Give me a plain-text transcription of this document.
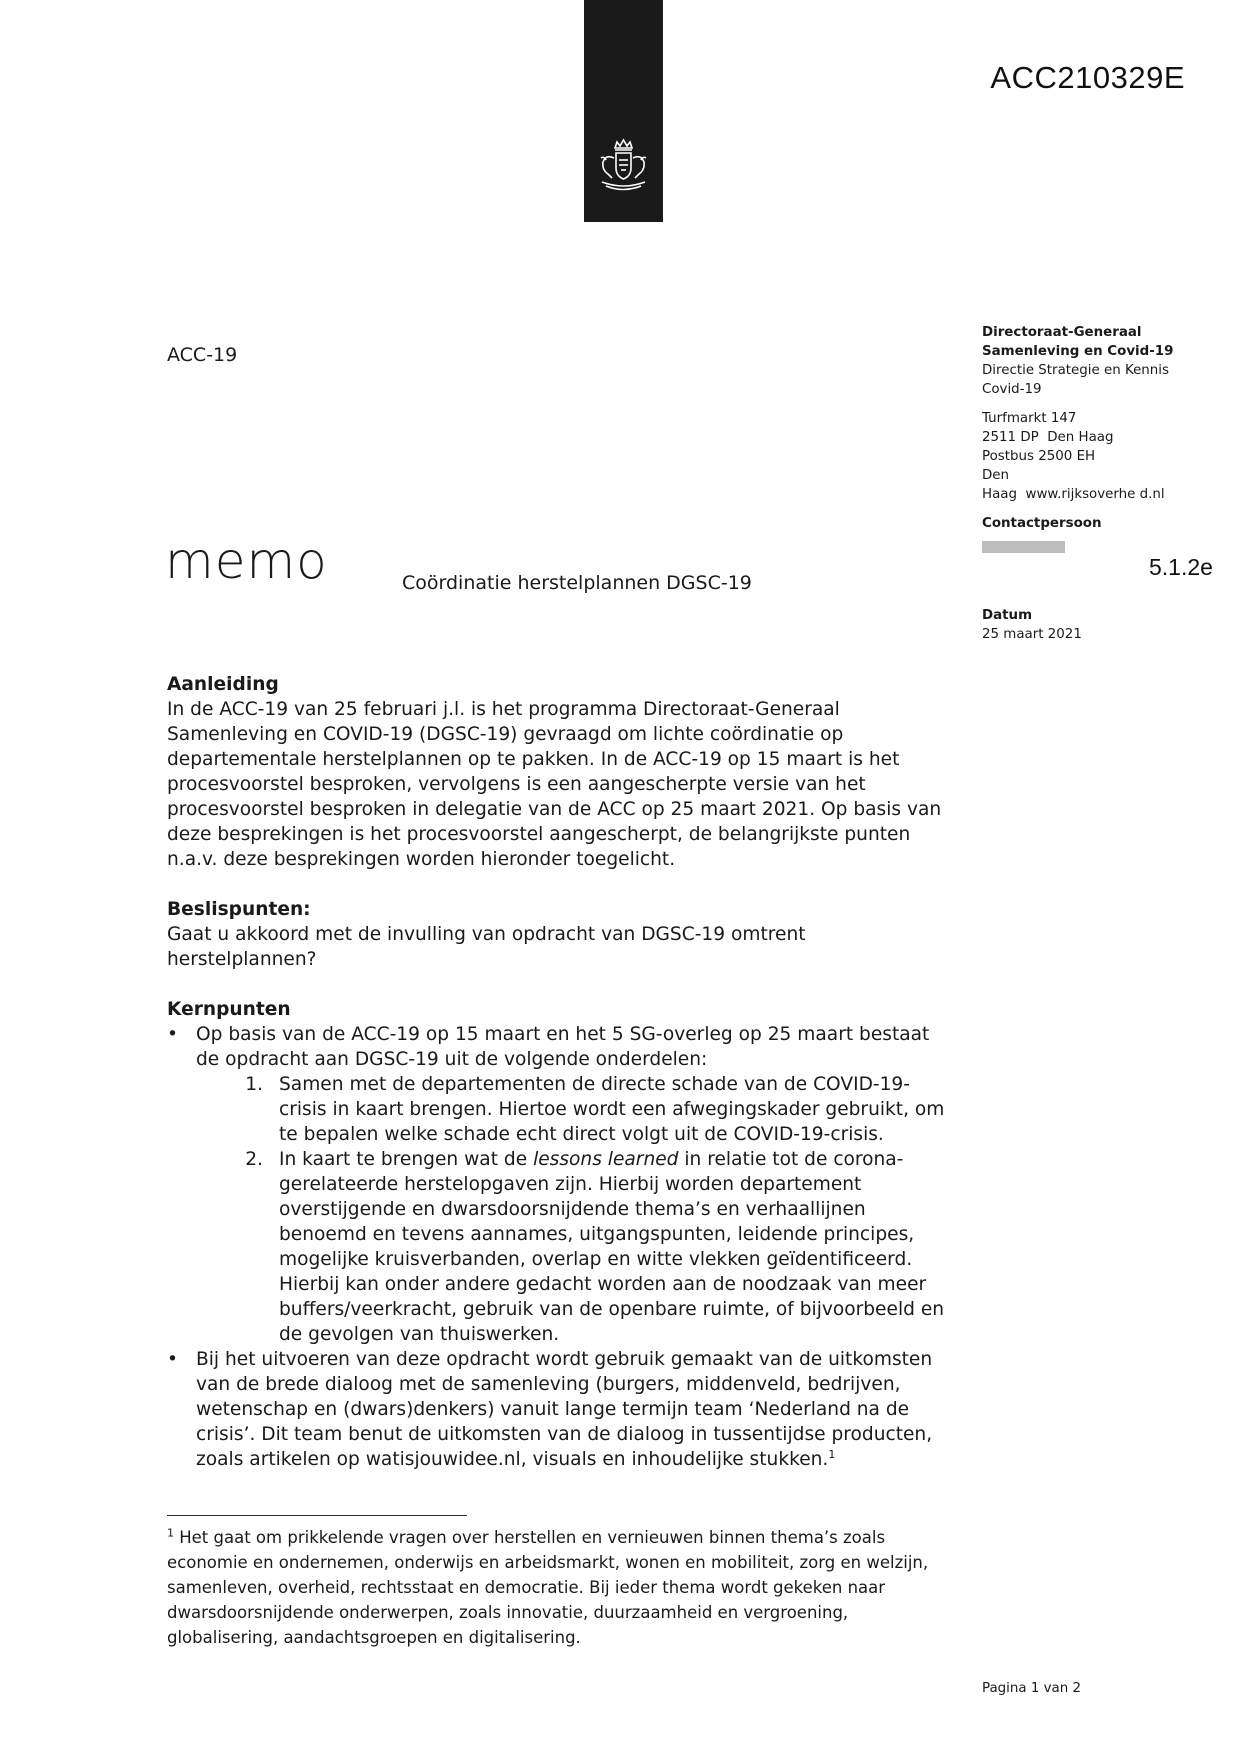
ACC210329E
ACC-19
memo	Coördinatie herstelplannen DGSC-19
Directoraat-Generaal
Samenleving en Covid-19
Directie Strategie en Kennis
Covid-19
Turfmarkt 147
2511 DP  Den Haag
Postbus 2500 EH
Den
Haag  www.rijksoverhe d.nl
Contactpersoon
5.1.2e
Datum
25 maart 2021
Aanleiding

In de ACC-19 van 25 februari j.l. is het programma Directoraat-Generaal Samenleving en COVID-19 (DGSC-19) gevraagd om lichte coördinatie op departementale herstelplannen op te pakken. In de ACC-19 op 15 maart is het procesvoorstel besproken, vervolgens is een aangescherpte versie van het procesvoorstel besproken in delegatie van de ACC op 25 maart 2021. Op basis van deze besprekingen is het procesvoorstel aangescherpt, de belangrijkste punten n.a.v. deze besprekingen worden hieronder toegelicht.

Beslispunten:

Gaat u akkoord met de invulling van opdracht van DGSC-19 omtrent herstelplannen?

Kernpunten
• Op basis van de ACC-19 op 15 maart en het 5 SG-overleg op 25 maart bestaat de opdracht aan DGSC-19 uit de volgende onderdelen:
1. Samen met de departementen de directe schade van de COVID-19-crisis in kaart brengen. Hiertoe wordt een afwegingskader gebruikt, om te bepalen welke schade echt direct volgt uit de COVID-19-crisis.
2. In kaart te brengen wat de lessons learned in relatie tot de corona-gerelateerde herstelopgaven zijn. Hierbij worden departement overstijgende en dwarsdoorsnijdende thema’s en verhaallijnen benoemd en tevens aannames, uitgangspunten, leidende principes, mogelijke kruisverbanden, overlap en witte vlekken geïdentificeerd. Hierbij kan onder andere gedacht worden aan de noodzaak van meer buffers/veerkracht, gebruik van de openbare ruimte, of bijvoorbeeld en de gevolgen van thuiswerken.
• Bij het uitvoeren van deze opdracht wordt gebruik gemaakt van de uitkomsten van de brede dialoog met de samenleving (burgers, middenveld, bedrijven, wetenschap en (dwars)denkers) vanuit lange termijn team ‘Nederland na de crisis’. Dit team benut de uitkomsten van de dialoog in tussentijdse producten, zoals artikelen op watisjouwidee.nl, visuals en inhoudelijke stukken.$^1$
$^1$ Het gaat om prikkelende vragen over herstellen en vernieuwen binnen thema’s zoals economie en ondernemen, onderwijs en arbeidsmarkt, wonen en mobiliteit, zorg en welzijn, samenleven, overheid, rechtsstaat en democratie. Bij ieder thema wordt gekeken naar dwarsdoorsnijdende onderwerpen, zoals innovatie, duurzaamheid en vergroening, globalisering, aandachtsgroepen en digitalisering.
Pagina 1 van 2
